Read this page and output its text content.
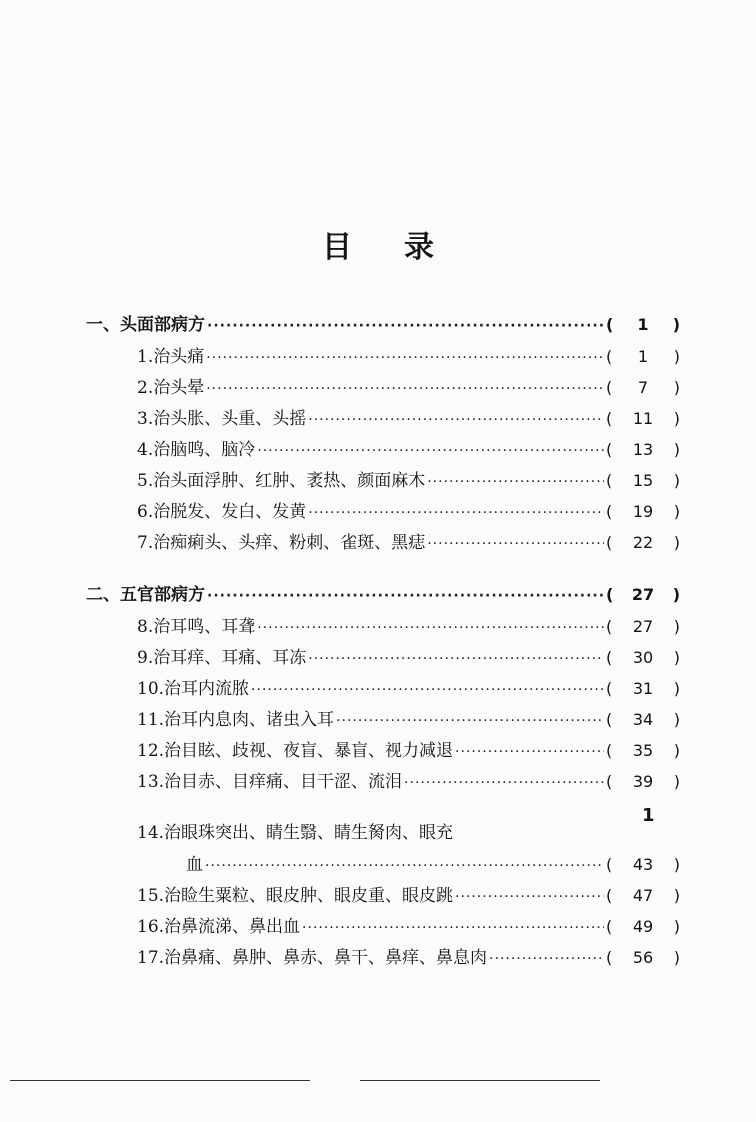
目 录
一、头面部病方 ·····	(	1	)
1.治头痛 ·····	(	1	)
2.治头晕 ·····	(	7	)
3.治头胀、头重、头摇 ·····	(	11	)
4.治脑鸣、脑冷 ·····	(	13	)
5.治头面浮肿、红肿、袤热、颜面麻木 ·····	(	15	)
6.治脱发、发白、发黄 ·····	(	19	)
7.治痴痢头、头痒、粉刺、雀斑、黑痣 ·····	(	22	)
二、五官部病方 ·····	(	27	)
8.治耳鸣、耳聋 ·····	(	27	)
9.治耳痒、耳痛、耳冻 ·····	(	30	)
10.治耳内流脓 ·····	(	31	)
11.治耳内息肉、诸虫入耳 ·····	(	34	)
12.治目眩、歧视、夜盲、暴盲、视力减退 ·····	(	35	)
13.治目赤、目痒痛、目干涩、流泪 ·····	(	39	)
14.治眼珠突出、睛生翳、睛生胬肉、眼充
血 ·····	(	43	)
15.治睑生粟粒、眼皮肿、眼皮重、眼皮跳 ·····	(	47	)
16.治鼻流涕、鼻出血 ·····	(	49	)
17.治鼻痛、鼻肿、鼻赤、鼻干、鼻痒、鼻息肉 ·····	(	56	)
1
